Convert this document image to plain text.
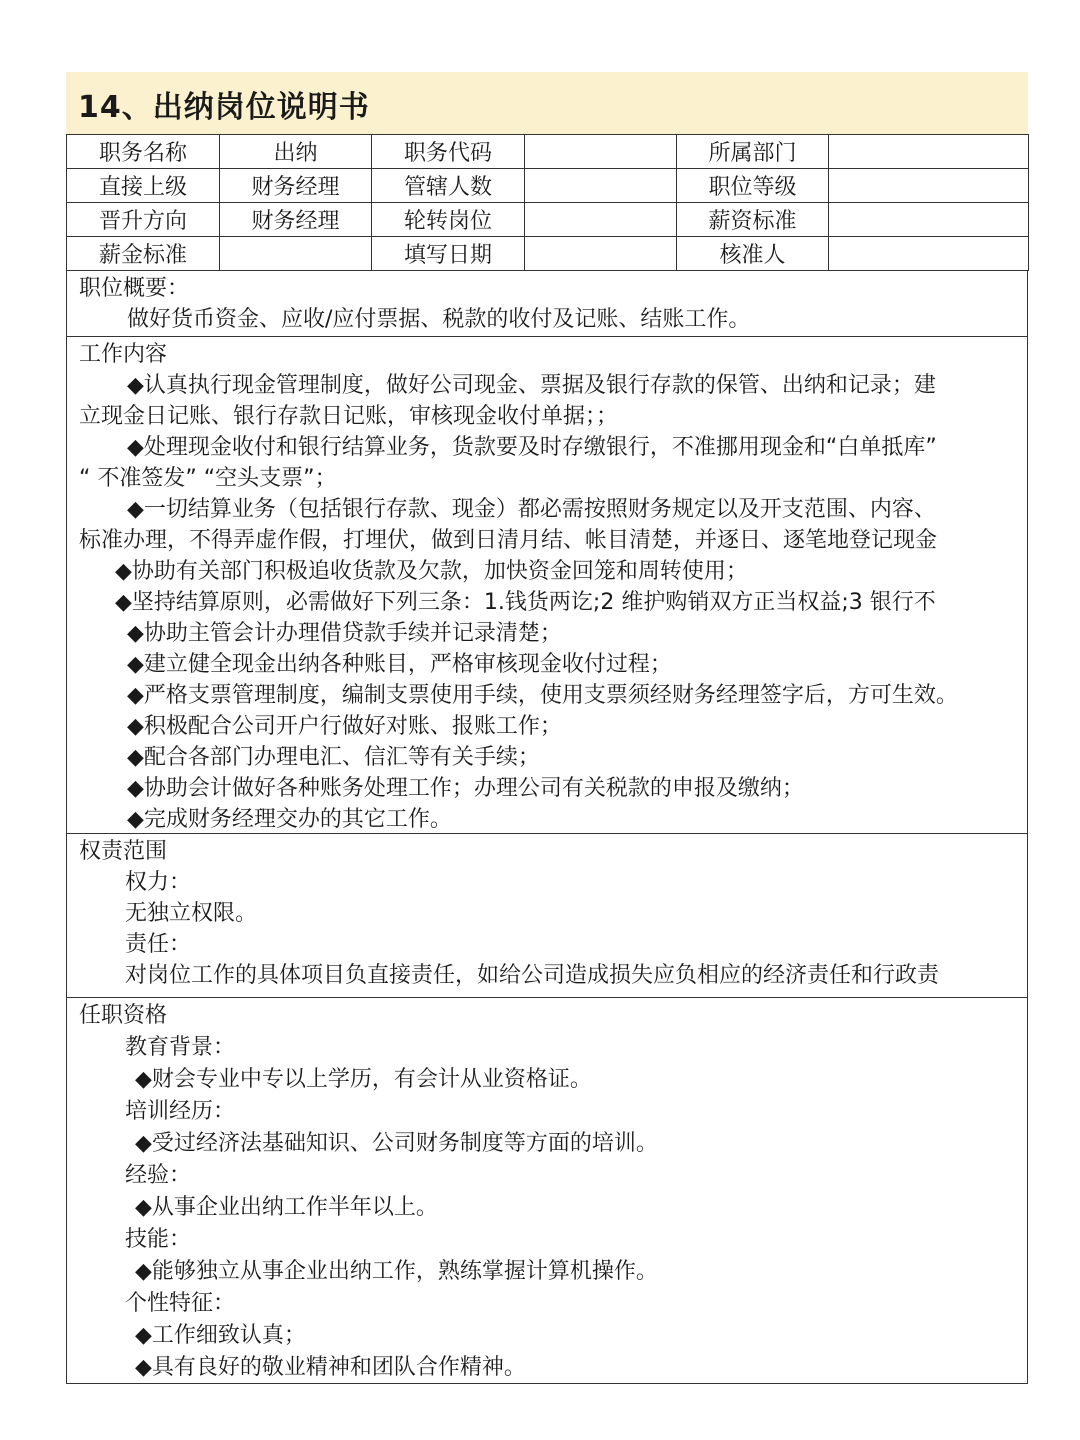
14、出纳岗位说明书
职务名称	出纳	职务代码		所属部门	
直接上级	财务经理	管辖人数		职位等级	
晋升方向	财务经理	轮转岗位		薪资标准	
薪金标准		填写日期		核准人	
职位概要：
做好货币资金、应收/应付票据、税款的收付及记账、结账工作。
工作内容
◆认真执行现金管理制度，做好公司现金、票据及银行存款的保管、出纳和记录；建
立现金日记账、银行存款日记账，审核现金收付单据；；
◆处理现金收付和银行结算业务，货款要及时存缴银行，不准挪用现金和“白单抵库”
“ 不准签发” “空头支票”；
◆一切结算业务（包括银行存款、现金）都必需按照财务规定以及开支范围、内容、
标准办理，不得弄虚作假，打埋伏，做到日清月结、帐目清楚，并逐日、逐笔地登记现金
◆协助有关部门积极追收货款及欠款，加快资金回笼和周转使用；
◆坚持结算原则，必需做好下列三条：1.钱货两讫;2 维护购销双方正当权益;3 银行不
◆协助主管会计办理借贷款手续并记录清楚；
◆建立健全现金出纳各种账目，严格审核现金收付过程；
◆严格支票管理制度，编制支票使用手续，使用支票须经财务经理签字后，方可生效。
◆积极配合公司开户行做好对账、报账工作；
◆配合各部门办理电汇、信汇等有关手续；
◆协助会计做好各种账务处理工作；办理公司有关税款的申报及缴纳；
◆完成财务经理交办的其它工作。
权责范围
权力：
无独立权限。
责任：
对岗位工作的具体项目负直接责任，如给公司造成损失应负相应的经济责任和行政责
任职资格
教育背景：
◆财会专业中专以上学历，有会计从业资格证。
培训经历：
◆受过经济法基础知识、公司财务制度等方面的培训。
经验：
◆从事企业出纳工作半年以上。
技能：
◆能够独立从事企业出纳工作，熟练掌握计算机操作。
个性特征：
◆工作细致认真；
◆具有良好的敬业精神和团队合作精神。
